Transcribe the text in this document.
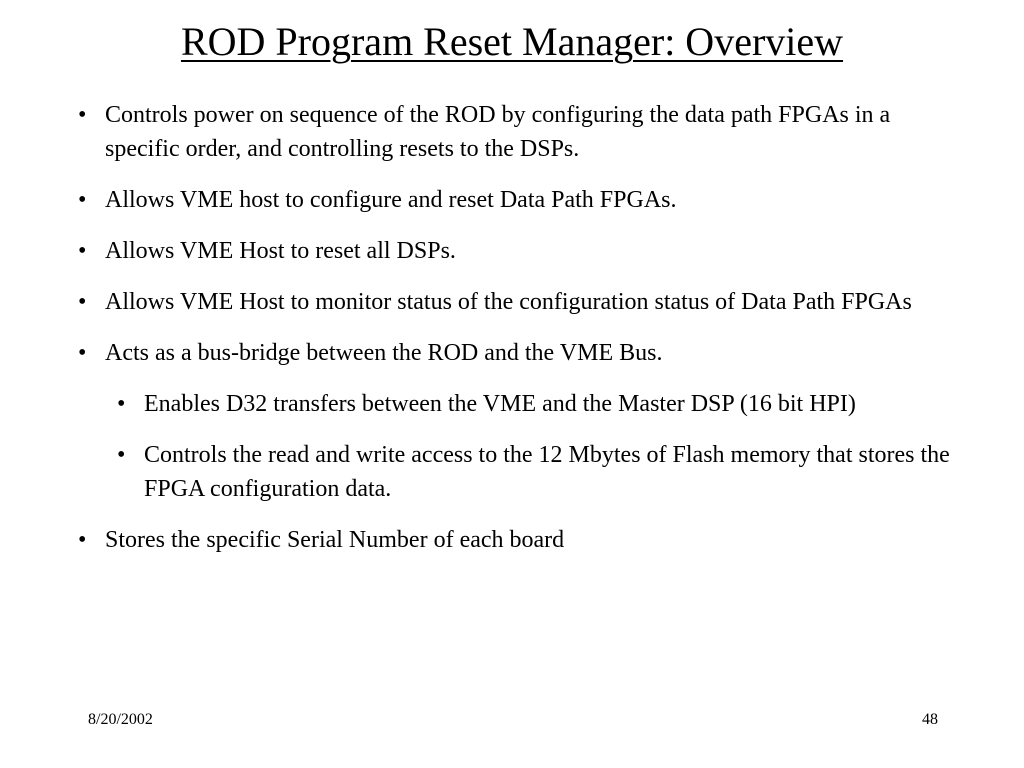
ROD Program Reset Manager: Overview
• Controls power on sequence of the ROD by configuring the data path FPGAs in a specific order, and controlling resets to the DSPs.
• Allows VME host to configure and reset Data Path FPGAs.
• Allows VME Host to reset all DSPs.
• Allows VME Host to monitor status of the configuration status of Data Path FPGAs
• Acts as a bus-bridge between the ROD and the VME Bus.
• Enables D32 transfers between the VME and the Master DSP (16 bit HPI)
• Controls the read and write access to the 12 Mbytes of Flash memory that stores the FPGA configuration data.
• Stores the specific Serial Number of each board
8/20/2002	48
